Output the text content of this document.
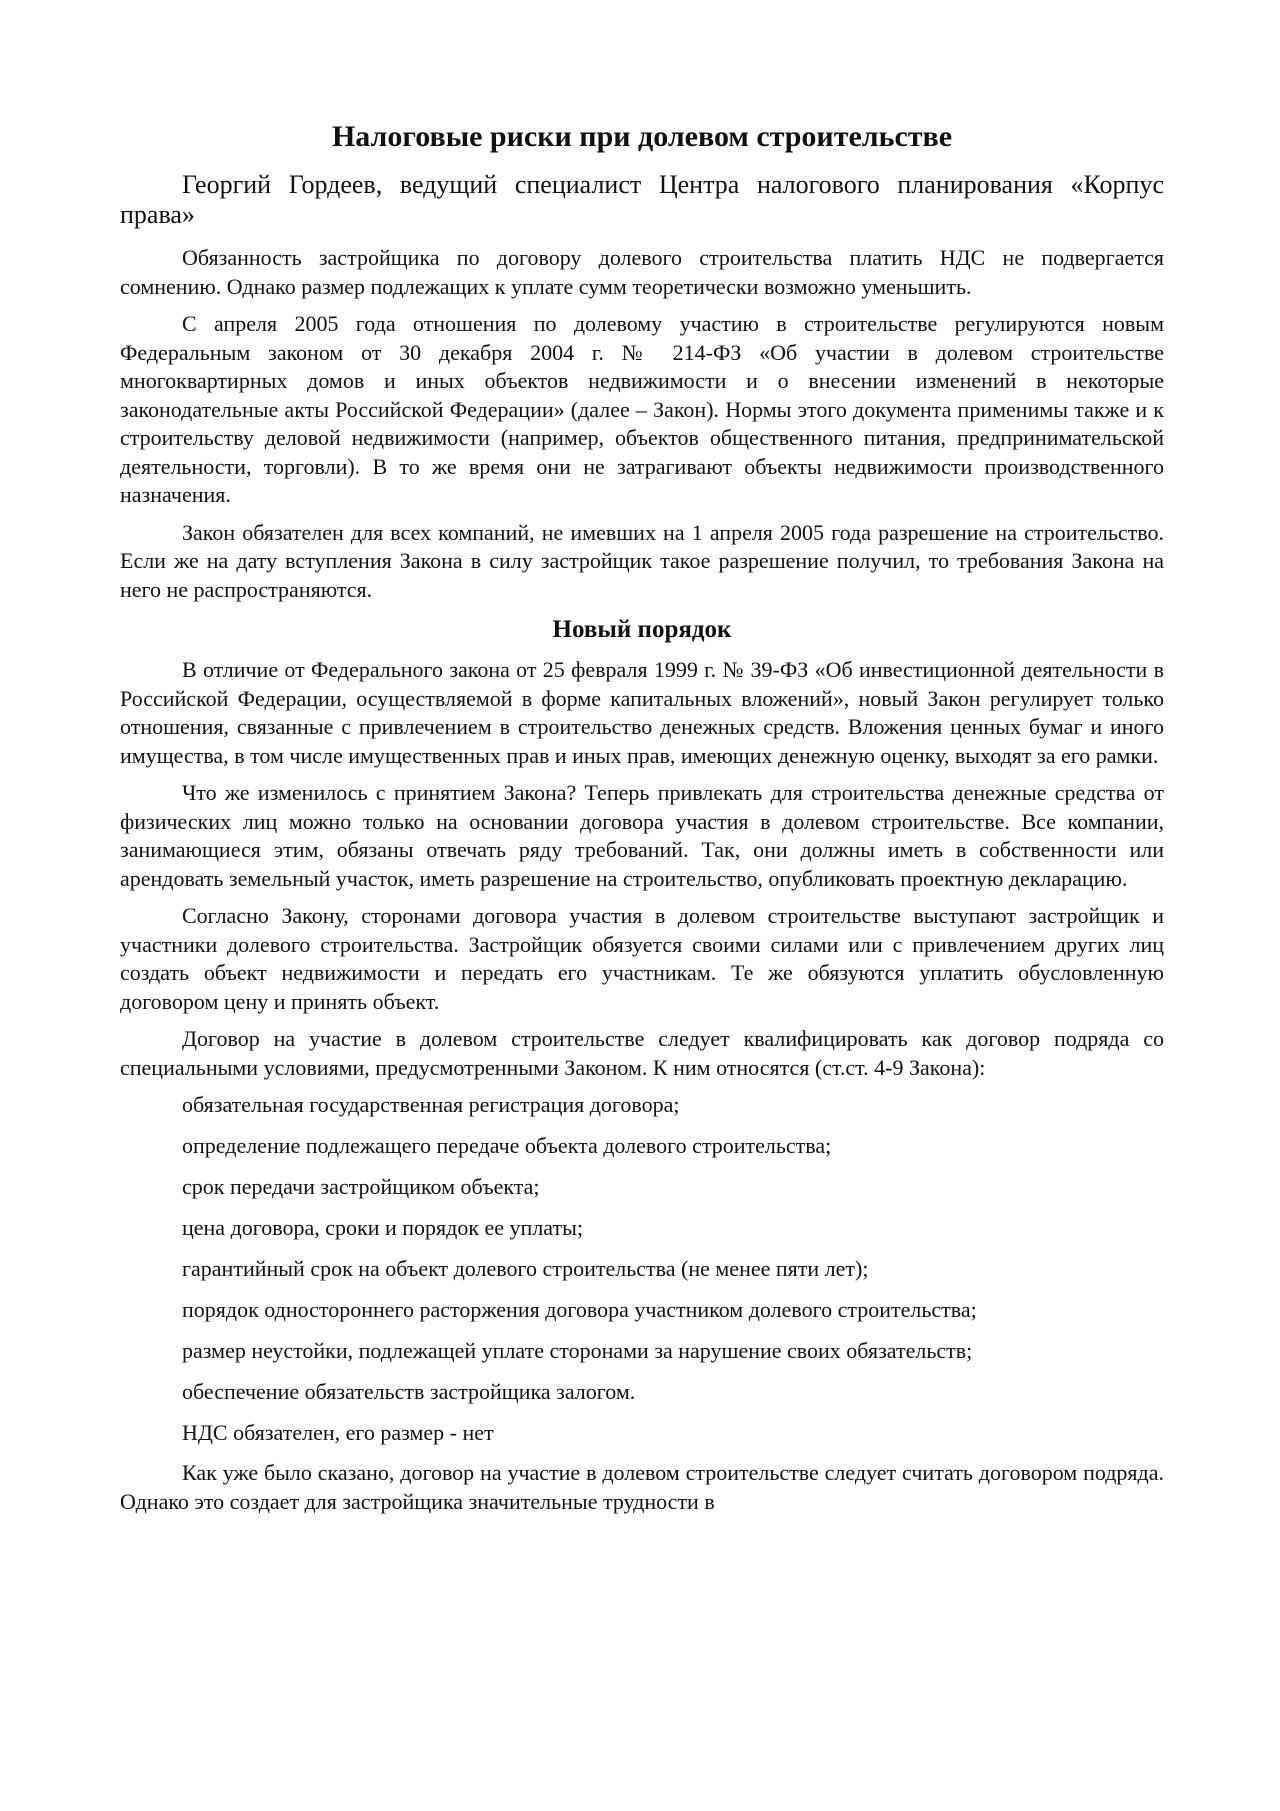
Налоговые риски при долевом строительстве

Георгий Гордеев, ведущий специалист Центра налогового планирования «Корпус права»

Обязанность застройщика по договору долевого строительства платить НДС не подвергается сомнению. Однако размер подлежащих к уплате сумм теоретически возможно уменьшить.

С апреля 2005 года отношения по долевому участию в строительстве регулируются новым Федеральным законом от 30 декабря 2004 г. № 214-ФЗ «Об участии в долевом строительстве многоквартирных домов и иных объектов недвижимости и о внесении изменений в некоторые законодательные акты Российской Федерации» (далее – Закон). Нормы этого документа применимы также и к строительству деловой недвижимости (например, объектов общественного питания, предпринимательской деятельности, торговли). В то же время они не затрагивают объекты недвижимости производственного назначения.

Закон обязателен для всех компаний, не имевших на 1 апреля 2005 года разрешение на строительство. Если же на дату вступления Закона в силу застройщик такое разрешение получил, то требования Закона на него не распространяются.

Новый порядок

В отличие от Федерального закона от 25 февраля 1999 г. № 39-ФЗ «Об инвестиционной деятельности в Российской Федерации, осуществляемой в форме капитальных вложений», новый Закон регулирует только отношения, связанные с привлечением в строительство денежных средств. Вложения ценных бумаг и иного имущества, в том числе имущественных прав и иных прав, имеющих денежную оценку, выходят за его рамки.

Что же изменилось с принятием Закона? Теперь привлекать для строительства денежные средства от физических лиц можно только на основании договора участия в долевом строительстве. Все компании, занимающиеся этим, обязаны отвечать ряду требований. Так, они должны иметь в собственности или арендовать земельный участок, иметь разрешение на строительство, опубликовать проектную декларацию.

Согласно Закону, сторонами договора участия в долевом строительстве выступают застройщик и участники долевого строительства. Застройщик обязуется своими силами или с привлечением других лиц создать объект недвижимости и передать его участникам. Те же обязуются уплатить обусловленную договором цену и принять объект.

Договор на участие в долевом строительстве следует квалифицировать как договор подряда со специальными условиями, предусмотренными Законом. К ним относятся (ст.ст. 4-9 Закона):

обязательная государственная регистрация договора;
определение подлежащего передаче объекта долевого строительства;
срок передачи застройщиком объекта;
цена договора, сроки и порядок ее уплаты;
гарантийный срок на объект долевого строительства (не менее пяти лет);
порядок одностороннего расторжения договора участником долевого строительства;
размер неустойки, подлежащей уплате сторонами за нарушение своих обязательств;
обеспечение обязательств застройщика залогом.
НДС обязателен, его размер - нет

Как уже было сказано, договор на участие в долевом строительстве следует считать договором подряда. Однако это создает для застройщика значительные трудности в
